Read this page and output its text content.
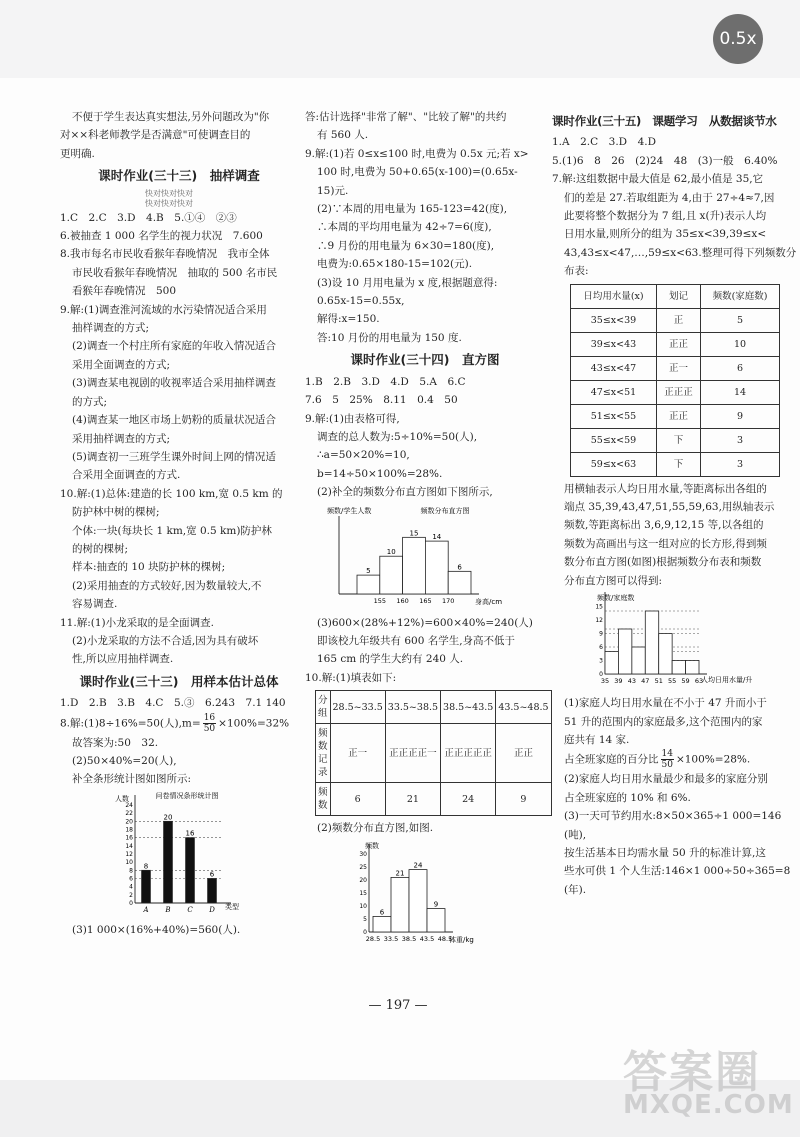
0.5x

不便于学生表达真实想法,另外问题改为"你

对××科老师教学是否满意"可使调查目的

更明确.

课时作业(三十三)　抽样调查

快对快对快对

快对快对快对

1.C　2.C　3.D　4.B　5.①④　②③

6.被抽查 1 000 名学生的视力状况　7.600

8.我市每名市民收看猴年春晚情况　我市全体

市民收看猴年春晚情况　抽取的 500 名市民

看猴年春晚情况　500

9.解:(1)调查淮河流域的水污染情况适合采用

抽样调查的方式;

(2)调查一个村庄所有家庭的年收入情况适合

采用全面调查的方式;

(3)调查某电视剧的收视率适合采用抽样调查

的方式;

(4)调查某一地区市场上奶粉的质量状况适合

采用抽样调查的方式;

(5)调查初一三班学生课外时间上网的情况适

合采用全面调查的方式.

10.解:(1)总体:建造的长 100 km,宽 0.5 km 的

防护林中树的棵树;

个体:一块(每块长 1 km,宽 0.5 km)防护林

的树的棵树;

样本:抽查的 10 块防护林的棵树;

(2)采用抽查的方式较好,因为数量较大,不

容易调查.

11.解:(1)小龙采取的是全面调查.

(2)小龙采取的方法不合适,因为具有破坏

性,所以应用抽样调查.

课时作业(三十三)　用样本估计总体

1.D　2.B　3.B　4.C　5.③　6.243　7.1 140

8.解:(1)8÷16%=50(人)$,m= \frac{16}{50} \times 100\%=32\%$

故答案为:50　32.

(2)50×40%=20(人),

补全条形统计图如图所示:

8
A
20
B
16
C
6
D
0
2
4
6
8
10
12
14
16
18
20
22
24
问卷情况条形统计图
人数
类型

(3)1 000×(16%+40%)=560(人).

答:估计选择"非常了解"、"比较了解"的共约

有 560 人.

9.解:(1)若 0≤x≤100 时,电费为 0.5x 元;若 x>

100 时,电费为 50+0.65(x-100)=(0.65x-

15)元.

(2)∵本周的用电量为 165-123=42(度),

∴本周的平均用电量为 42÷7=6(度),

∴9 月份的用电量为 6×30=180(度),

电费为:0.65×180-15=102(元).

(3)设 10 月用电量为 x 度,根据题意得:

0.65x-15=0.55x,

解得:x=150.

答:10 月份的用电量为 150 度.

课时作业(三十四)　直方图

1.B　2.B　3.D　4.D　5.A　6.C

7.6　5　25%　8.11　0.4　50

9.解:(1)由表格可得,

调查的总人数为:5÷10%=50(人),

∴a=50×20%=10,

b=14÷50×100%=28%.

(2)补全的频数分布直方图如下图所示,

5
10
15 14
6
155 160 165 170
频数分布直方图
频数/学生人数
身高/cm

(3)600×(28%+12%)=600×40%=240(人)

即该校九年级共有 600 名学生,身高不低于

165 cm 的学生大约有 240 人.

10.解:(1)填表如下:

分组	28.5~33.5	33.5~38.5	38.5~43.5	43.5~48.5
频数
记录	正一	正正正正一	正正正正正	正正
频数	6	21	24	9

(2)频数分布直方图,如图.

6
21
24
9
0
5
10
15
20
25
30
28.5 33.5 38.5 43.5 48.5
频数
体重/kg

课时作业(三十五)　课题学习　从数据谈节水

1.A　2.C　3.D　4.D

5.(1)6　8　26　(2)24　48　(3)一般　6.40%

7.解:这组数据中最大值是 62,最小值是 35,它

们的差是 27.若取组距为 4,由于 27÷4≈7,因

此要将整个数据分为 7 组,且 x(升)表示人均

日用水量,则所分的组为 35≤x<39,39≤x<

43,43≤x<47,…,59≤x<63.整理可得下列频数分

布表:

日均用水量(x)	划记	频数(家庭数)
35≤x<39	正	5
39≤x<43	正正	10
43≤x<47	正一	6
47≤x<51	正正正	14
51≤x<55	正正	9
55≤x<59	下	3
59≤x<63	下	3

用横轴表示人均日用水量,等距离标出各组的

端点 35,39,43,47,51,55,59,63,用纵轴表示

频数,等距离标出 3,6,9,12,15 等,以各组的

频数为高画出与这一组对应的长方形,得到频

数分布直方图(如图)根据频数分布表和频数

分布直方图可以得到:

0
3
6
9
12
15
35 39 43 47 51 55 59 63
频数/家庭数
人均日用水量/升

(1)家庭人均日用水量在不小于 47 升而小于

51 升的范围内的家庭最多,这个范围内的家

庭共有 14 家.

占全班家庭的百分比 $\frac{14}{50} \times 100\%=28\%$.

(2)家庭人均日用水量最少和最多的家庭分别

占全班家庭的 10% 和 6%.

(3)一天可节约用水:8×50×365÷1 000=146

(吨),

按生活基本日均需水量 50 升的标准计算,这

些水可供 1 个人生活:146×1 000÷50÷365=8

(年).

— 197 —
答案圈
MXQE.COM
